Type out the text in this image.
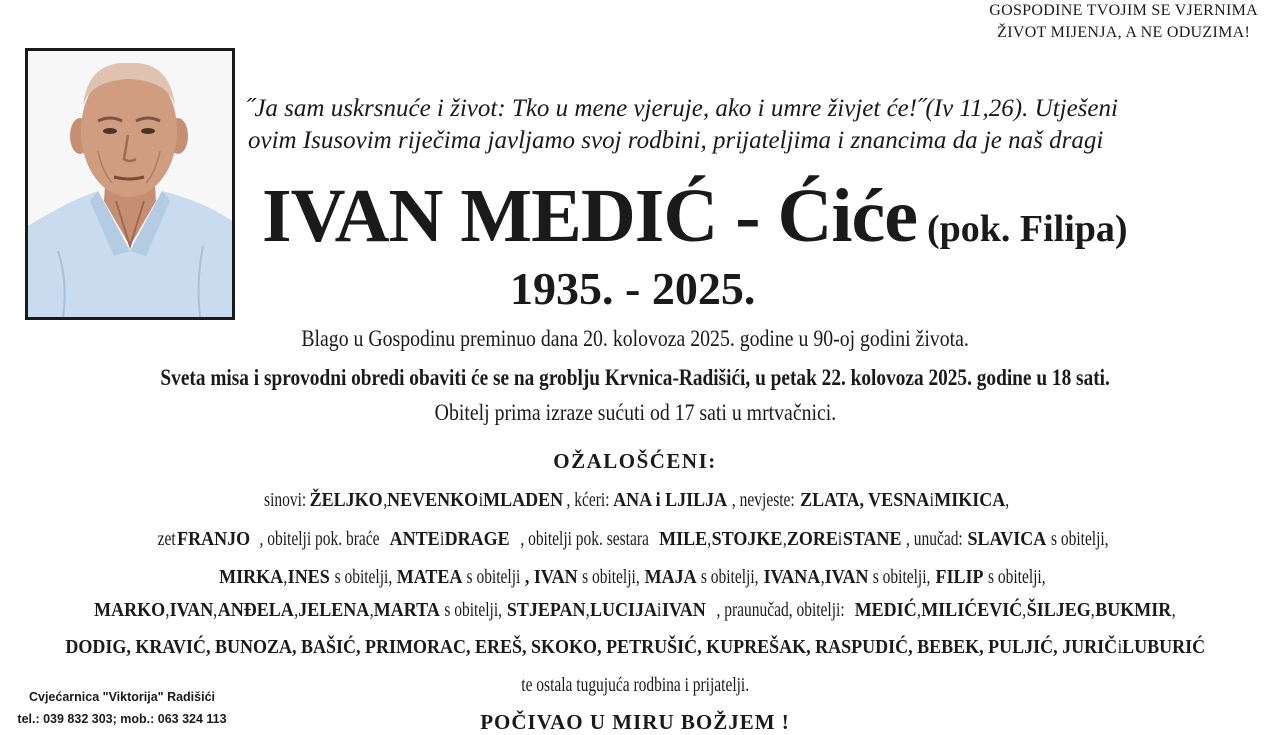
GOSPODINE TVOJIM SE VJERNIMA
ŽIVOT MIJENJA, A NE ODUZIMA!
˝Ja sam uskrsnuće i život: Tko u mene vjeruje, ako i umre živjet će!˝(Iv 11,26). Utješeni
ovim Isusovim riječima javljamo svoj rodbini, prijateljima i znancima da je naš dragi
IVAN MEDIĆ - Ćiće (pok. Filipa)
1935. - 2025.
Blago u Gospodinu preminuo dana 20. kolovoza 2025. godine u 90-oj godini života.
Sveta misa i sprovodni obredi obaviti će se na groblju Krvnica-Radišići, u petak 22. kolovoza 2025. godine u 18 sati.
Obitelj prima izraze sućuti od 17 sati u mrtvačnici.
OŽALOŠĆENI:
sinovi:ŽELJKO,NEVENKOiMLADEN , kćeri:ANA i LJILJA , nevjeste:ZLATA, VESNAiMIKICA,
zetFRANJO , obitelji pok. braćeANTEiDRAGE , obitelji pok. sestaraMILE,STOJKE,ZOREiSTANE , unučad:SLAVICAs obitelji,
MIRKA,INESs obitelji,MATEAs obitelji , IVANs obitelji,MAJAs obitelji,IVANA,IVANs obitelji,FILIPs obitelji,
MARKO,IVAN,ANĐELA,JELENA,MARTAs obitelji,STJEPAN,LUCIJAiIVAN , praunučad, obitelji:MEDIĆ,MILIĆEVIĆ,ŠILJEG,BUKMIR,
DODIG, KRAVIĆ, BUNOZA, BAŠIĆ, PRIMORAC, EREŠ, SKOKO, PETRUŠIĆ, KUPREŠAK, RASPUDIĆ, BEBEK, PULJIĆ, JURIČiLUBURIĆ
te ostala tugujuća rodbina i prijatelji.
POČIVAO U MIRU BOŽJEM !
Cvjećarnica "Viktorija" Radišići
tel.: 039 832 303; mob.: 063 324 113
